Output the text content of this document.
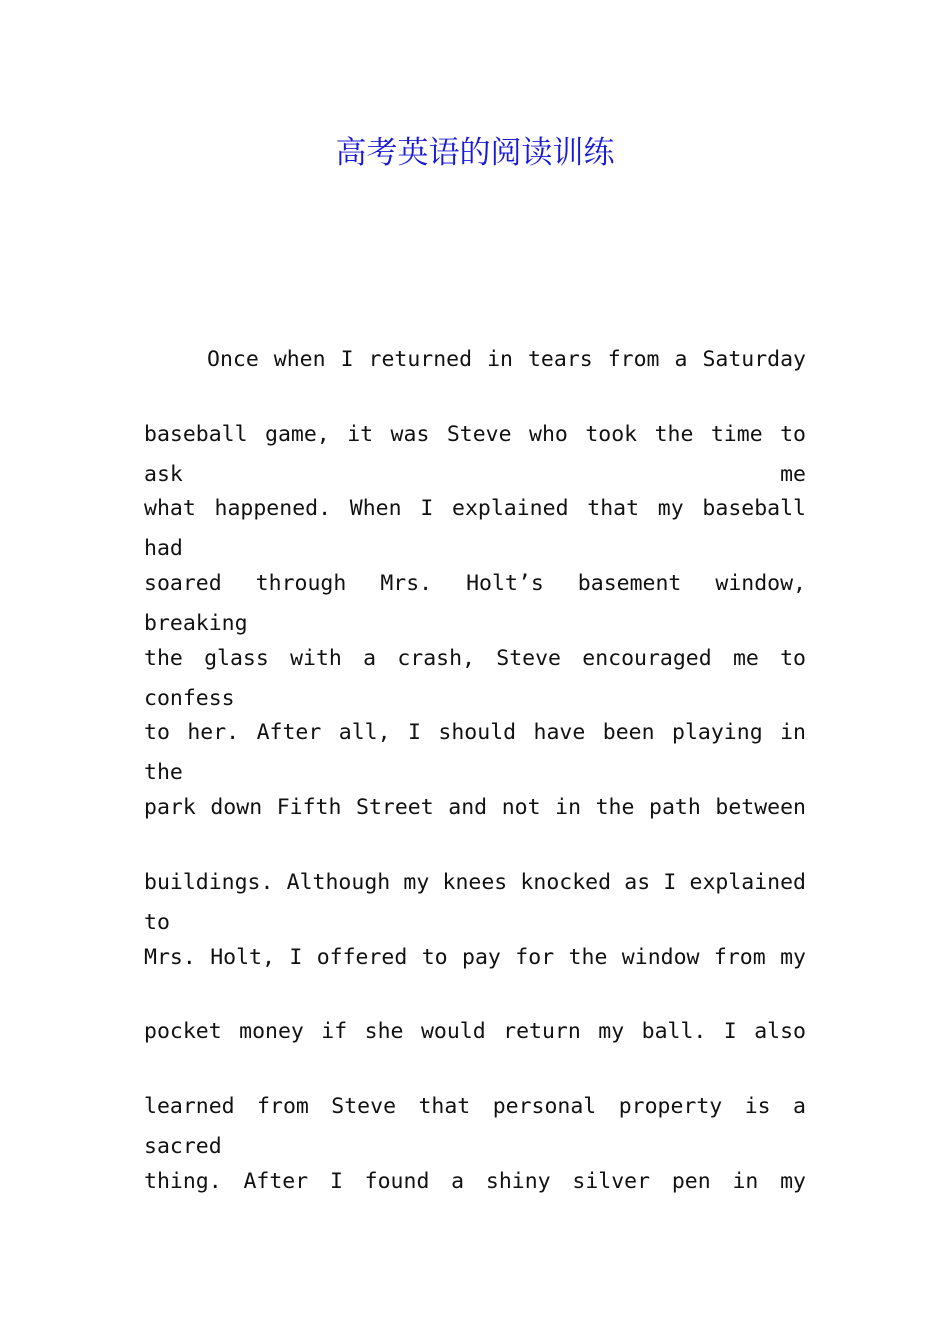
高考英语的阅读训练
Once when I returned in tears from a Saturday
baseball game, it was Steve who took the time to ask me
what happened. When I explained that my baseball had
soared through Mrs. Holt’s basement window, breaking
the glass with a crash, Steve encouraged me to confess
to her. After all, I should have been playing in the
park down Fifth Street and not in the path between
buildings. Although my knees knocked as I explained to
Mrs. Holt, I offered to pay for the window from my
pocket money if she would return my ball. I also
learned from Steve that personal property is a sacred
thing. After I found a shiny silver pen in my
